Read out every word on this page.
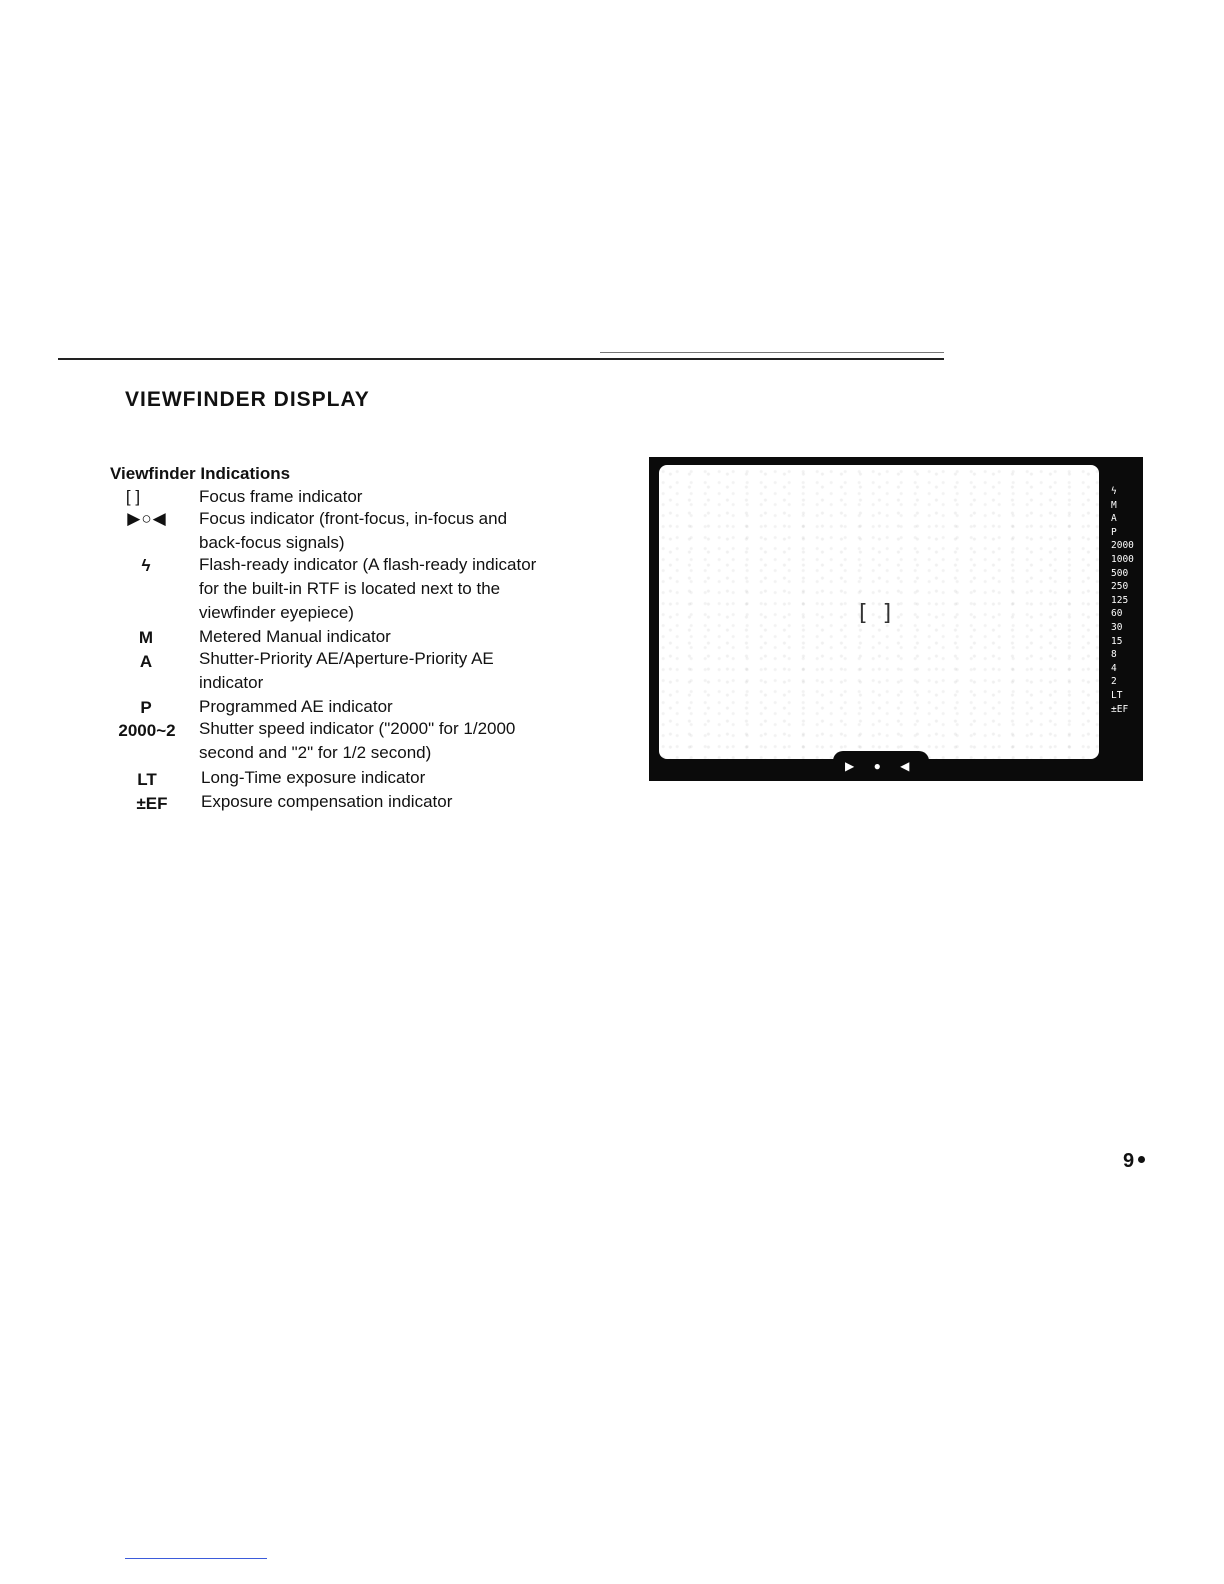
VIEWFINDER DISPLAY
Viewfinder Indications
[ ]	Focus frame indicator
▶○◀	Focus indicator (front-focus, in-focus and
back-focus signals)
ϟ	Flash-ready indicator (A flash-ready indicator
for the built-in RTF is located next to the
viewfinder eyepiece)
M	Metered Manual indicator
A	Shutter-Priority AE/Aperture-Priority AE
indicator
P	Programmed AE indicator
2000~2	Shutter speed indicator ("2000" for 1/2000
second and "2" for 1/2 second)
LT	Long-Time exposure indicator
±EF	Exposure compensation indicator
[ ]
▶ ● ◀
ϟ
M
A
P
2000
1000
500
250
125
60
30
15
8
4
2
LT
±EF
9
